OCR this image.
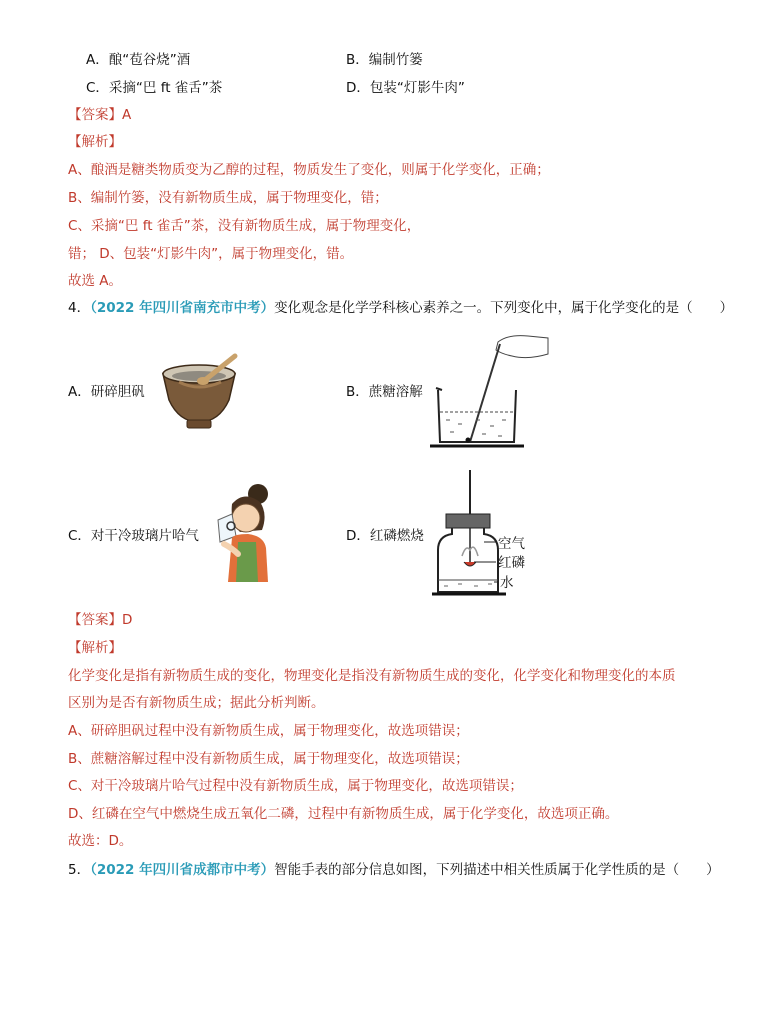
A．酿“苞谷烧”酒	B．编制竹篓
C．采摘“巴 ft 雀舌”茶	D．包装“灯影牛肉”
【答案】A
【解析】
A、酿酒是糖类物质变为乙醇的过程，物质发生了变化，则属于化学变化，正确；
B、编制竹篓，没有新物质生成，属于物理变化，错；
C、采摘“巴 ft 雀舌”茶，没有新物质生成，属于物理变化，
错； D、包装“灯影牛肉”，属于物理变化，错。
故选 A。
4．（2022 年四川省南充市中考）变化观念是化学学科核心素养之一。下列变化中，属于化学变化的是（　　）
A．研碎胆矾	B．蔗糖溶解
C．对干冷玻璃片哈气	D．红磷燃烧	空气
红磷
水
【答案】D
【解析】
化学变化是指有新物质生成的变化，物理变化是指没有新物质生成的变化，化学变化和物理变化的本质
区别为是否有新物质生成；据此分析判断。
A、研碎胆矾过程中没有新物质生成，属于物理变化，故选项错误；
B、蔗糖溶解过程中没有新物质生成，属于物理变化，故选项错误；
C、对干冷玻璃片哈气过程中没有新物质生成，属于物理变化，故选项错误；
D、红磷在空气中燃烧生成五氧化二磷，过程中有新物质生成，属于化学变化，故选项正确。
故选：D。
5．（2022 年四川省成都市中考）智能手表的部分信息如图，下列描述中相关性质属于化学性质的是（　　）
